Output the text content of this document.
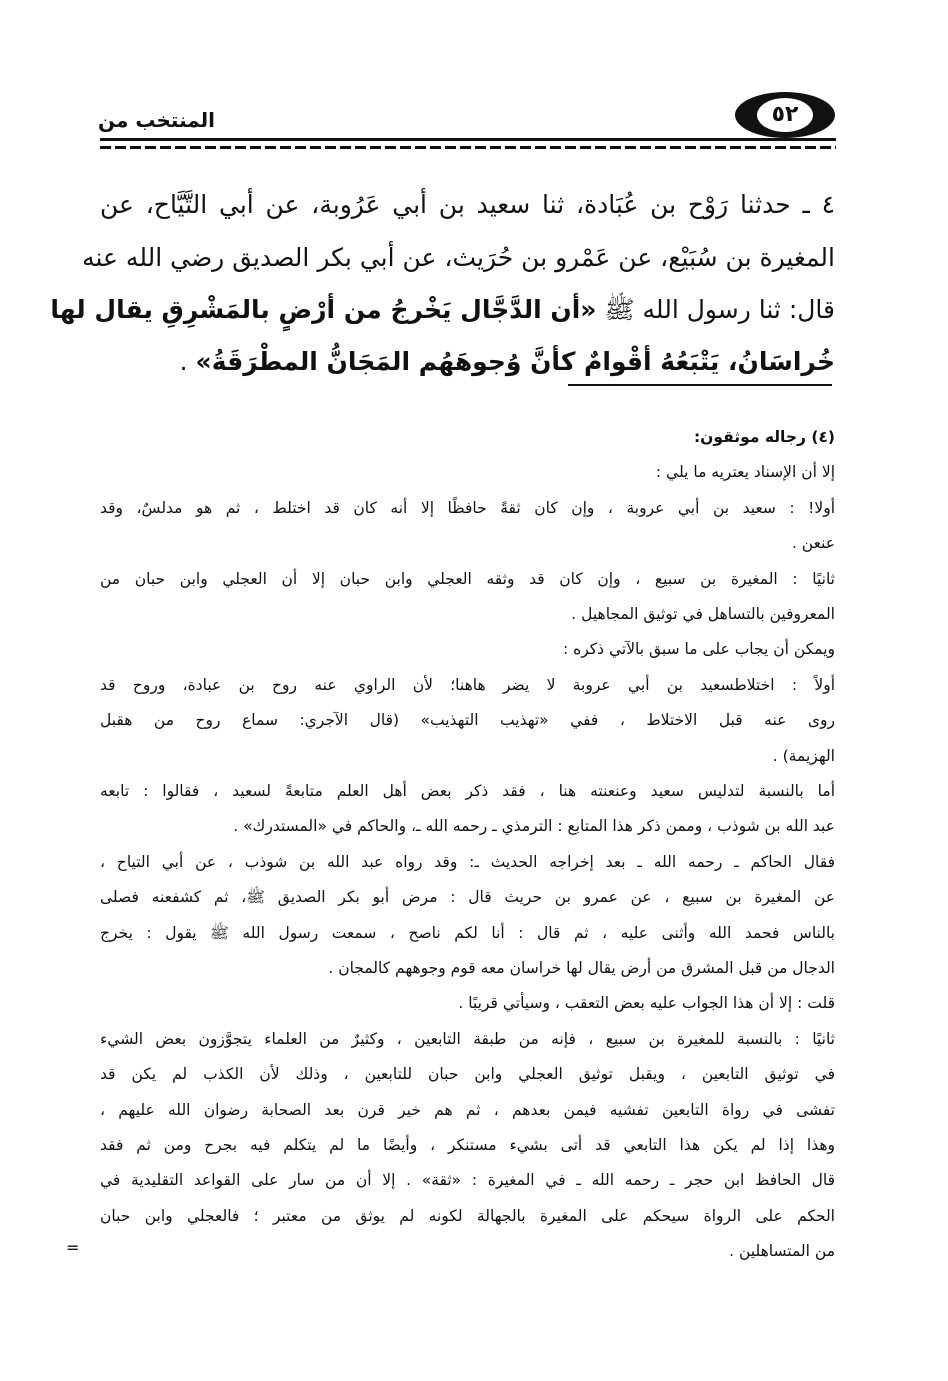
٥٢
المنتخب من
٤ ـ حدثنا رَوْح بن عُبَادة، ثنا سعيد بن أبي عَرُوبة، عن أبي التَّيَّاح، عن
المغيرة بن سُبَيْع، عن عَمْرو بن حُرَيث، عن أبي بكر الصديق رضي الله عنه
قال: ثنا رسول الله ﷺ «أن الدَّجَّال يَخْرجُ من أرْضٍ بالمَشْرِقِ يقال لها
خُراسَانُ، يَتْبَعُهُ أقْوامٌ كأنَّ وُجوهَهُم المَجَانُّ المطْرَقَةُ» .
(٤) رجاله موثقون:
إلا أن الإسناد يعتريه ما يلي :
أولا! : سعيد بن أبي عروبة ، وإن كان ثقةً حافظًا إلا أنه كان قد اختلط ، ثم هو مدلسٌ، وقد
عنعن .
ثانيًا : المغيرة بن سبيع ، وإن كان قد وثقه العجلي وابن حبان إلا أن العجلي وابن حبان من
المعروفين بالتساهل في توثيق المجاهيل .
ويمكن أن يجاب على ما سبق بالآتي ذكره :
أولاً : اختلاطسعيد بن أبي عروبة لا يضر هاهنا؛ لأن الراوي عنه روح بن عبادة، وروح قد
روى عنه قبل الاختلاط ، ففي «تهذيب التهذيب» (قال الآجري: سماع روح من هقبل
الهزيمة) .
أما بالنسبة لتدليس سعيد وعنعنته هنا ، فقد ذكر بعض أهل العلم متابعةً لسعيد ، فقالوا : تابعه
عبد الله بن شوذب ، وممن ذكر هذا المتابع : الترمذي ـ رحمه الله ـ، والحاكم في «المستدرك» .
فقال الحاكم ـ رحمه الله ـ بعد إخراجه الحديث ـ: وقد رواه عبد الله بن شوذب ، عن أبي التياح ،
عن المغيرة بن سبيع ، عن عمرو بن حريث قال : مرض أبو بكر الصديق ﷺ، ثم كشفعنه فصلى
بالناس فحمد الله وأثنى عليه ، ثم قال : أنا لكم ناصح ، سمعت رسول الله ﷺ يقول : يخرج
الدجال من قبل المشرق من أرض يقال لها خراسان معه قوم وجوههم كالمجان .
قلت : إلا أن هذا الجواب عليه بعض التعقب ، وسيأتي قريبًا .
ثانيًا : بالنسبة للمغيرة بن سبيع ، فإنه من طبقة التابعين ، وكثيرٌ من العلماء يتجوَّزون بعض الشيء
في توثيق التابعين ، ويقبل توثيق العجلي وابن حبان للتابعين ، وذلك لأن الكذب لم يكن قد
تفشى في رواة التابعين تفشيه فيمن بعدهم ، ثم هم خير قرن بعد الصحابة رضوان الله عليهم ،
وهذا إذا لم يكن هذا التابعي قد أتى بشيء مستنكر ، وأيضًا ما لم يتكلم فيه بجرح ومن ثم فقد
قال الحافظ ابن حجر ـ رحمه الله ـ في المغيرة : «ثقة» . إلا أن من سار على القواعد التقليدية في
الحكم على الرواة سيحكم على المغيرة بالجهالة لكونه لم يوثق من معتبر ؛ فالعجلي وابن حبان
من المتساهلين .
=
